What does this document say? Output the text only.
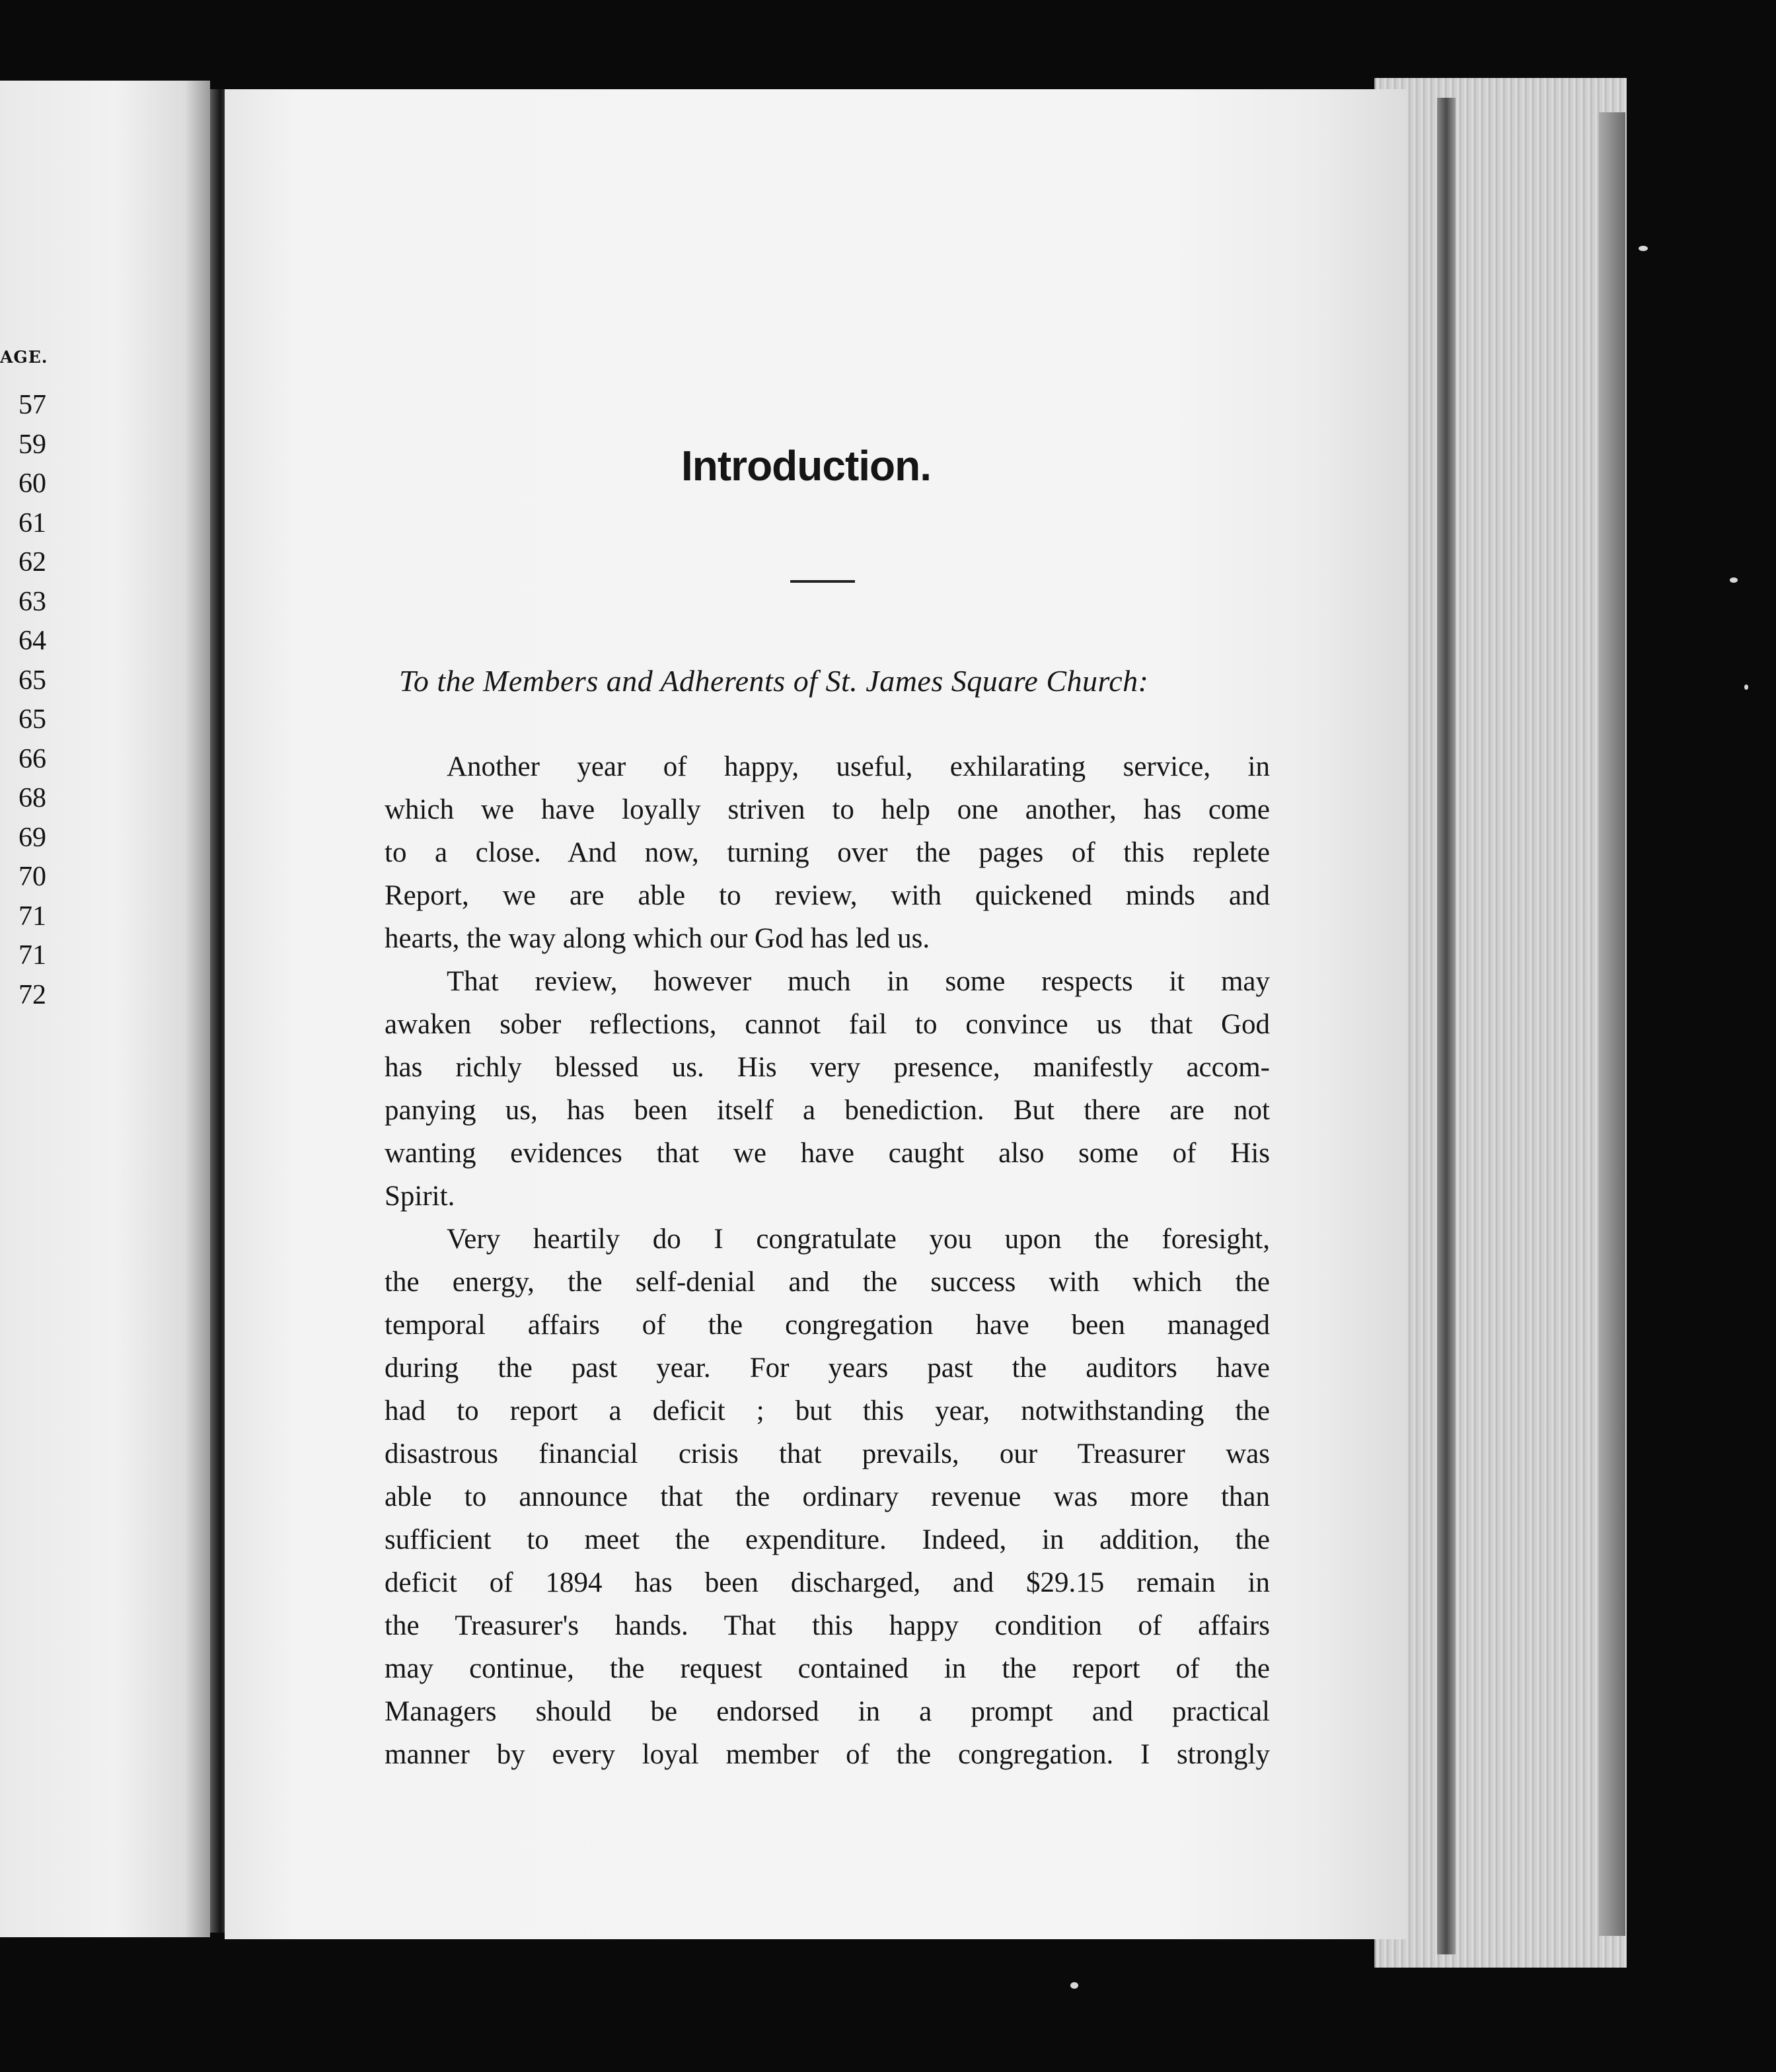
AGE.
57
59
60
61
62
63
64
65
65
66
68
69
70
71
71
72
Introduction.

To the Members and Adherents of St. James Square Church:

Another year of happy, useful, exhilarating service, in
which we have loyally striven to help one another, has come
to a close. And now, turning over the pages of this replete
Report, we are able to review, with quickened minds and
hearts, the way along which our God has led us.
That review, however much in some respects it may
awaken sober reflections, cannot fail to convince us that God
has richly blessed us. His very presence, manifestly accom-
panying us, has been itself a benediction. But there are not
wanting evidences that we have caught also some of His
Spirit.
Very heartily do I congratulate you upon the foresight,
the energy, the self-denial and the success with which the
temporal affairs of the congregation have been managed
during the past year. For years past the auditors have
had to report a deficit ; but this year, notwithstanding the
disastrous financial crisis that prevails, our Treasurer was
able to announce that the ordinary revenue was more than
sufficient to meet the expenditure. Indeed, in addition, the
deficit of 1894 has been discharged, and $29.15 remain in
the Treasurer's hands. That this happy condition of affairs
may continue, the request contained in the report of the
Managers should be endorsed in a prompt and practical
manner by every loyal member of the congregation. I strongly
